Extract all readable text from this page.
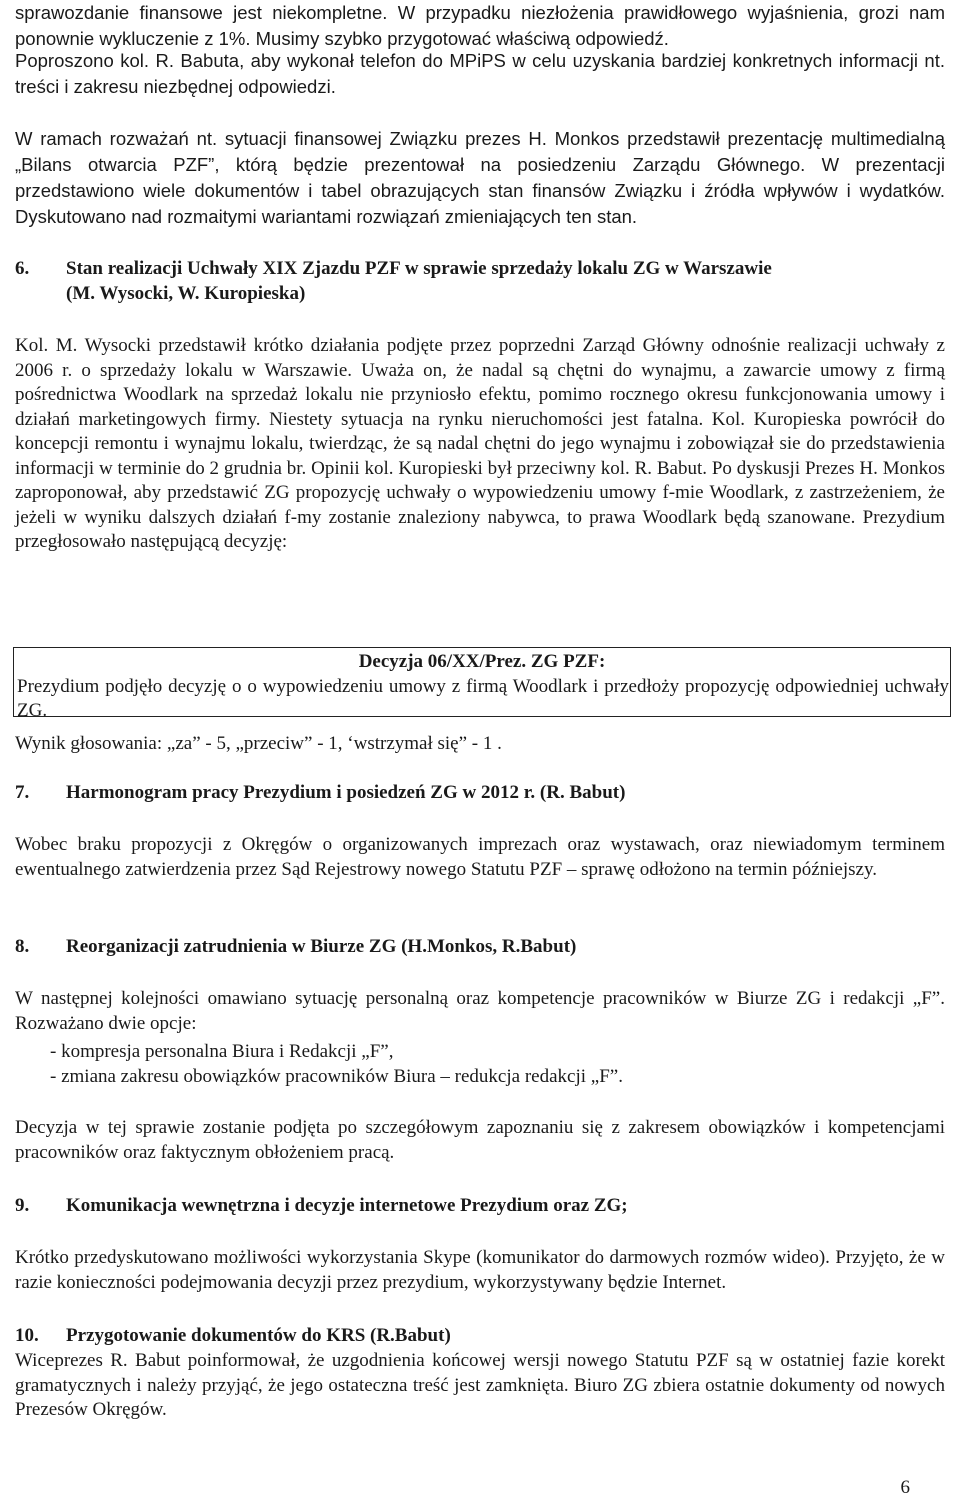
sprawozdanie finansowe jest niekompletne. W przypadku niezłożenia prawidłowego wyjaśnienia, grozi nam ponownie wykluczenie z 1%. Musimy szybko przygotować właściwą odpowiedź.

Poproszono kol. R. Babuta, aby wykonał telefon do MPiPS w celu uzyskania bardziej konkretnych informacji nt. treści i zakresu niezbędnej odpowiedzi.

W ramach rozważań nt. sytuacji finansowej Związku prezes H. Monkos przedstawił prezentację multimedialną „Bilans otwarcia PZF”, którą będzie prezentował na posiedzeniu Zarządu Głównego. W prezentacji przedstawiono wiele dokumentów i tabel obrazujących stan finansów Związku i źródła wpływów i wydatków. Dyskutowano nad rozmaitymi wariantami rozwiązań zmieniających ten stan.

6. Stan realizacji Uchwały XIX Zjazdu PZF w sprawie sprzedaży lokalu ZG w Warszawie
(M. Wysocki, W. Kuropieska)

Kol. M. Wysocki przedstawił krótko działania podjęte przez poprzedni Zarząd Główny odnośnie realizacji uchwały z 2006 r. o sprzedaży lokalu w Warszawie. Uważa on, że nadal są chętni do wynajmu, a zawarcie umowy z firmą pośrednictwa Woodlark na sprzedaż lokalu nie przyniosło efektu, pomimo rocznego okresu funkcjonowania umowy i działań marketingowych firmy. Niestety sytuacja na rynku nieruchomości jest fatalna. Kol. Kuropieska powrócił do koncepcji remontu i wynajmu lokalu, twierdząc, że są nadal chętni do jego wynajmu i zobowiązał sie do przedstawienia informacji w terminie do 2 grudnia br. Opinii kol. Kuropieski był przeciwny kol. R. Babut. Po dyskusji Prezes H. Monkos zaproponował, aby przedstawić ZG propozycję uchwały o wypowiedzeniu umowy f-mie Woodlark, z zastrzeżeniem, że jeżeli w wyniku dalszych działań f-my zostanie znaleziony nabywca, to prawa Woodlark będą szanowane. Prezydium przegłosowało następującą decyzję:

Decyzja 06/XX/Prez. ZG PZF:
Prezydium podjęło decyzję o o wypowiedzeniu umowy z firmą Woodlark i przedłoży propozycję odpowiedniej uchwały ZG.

Wynik głosowania: „za” - 5, „przeciw” - 1, ‘wstrzymał się” - 1 .

7. Harmonogram pracy Prezydium i posiedzeń ZG w 2012 r. (R. Babut)

Wobec braku propozycji z Okręgów o organizowanych imprezach oraz wystawach, oraz niewiadomym terminem ewentualnego zatwierdzenia przez Sąd Rejestrowy nowego Statutu PZF – sprawę odłożono na termin późniejszy.

8. Reorganizacji zatrudnienia w Biurze ZG (H.Monkos, R.Babut)

W następnej kolejności omawiano sytuację personalną oraz kompetencje pracowników w Biurze ZG i redakcji „F”. Rozważano dwie opcje:

- kompresja personalna Biura i Redakcji „F”,
- zmiana zakresu obowiązków pracowników Biura – redukcja redakcji „F”.

Decyzja w tej sprawie zostanie podjęta po szczegółowym zapoznaniu się z zakresem obowiązków i kompetencjami pracowników oraz faktycznym obłożeniem pracą.

9. Komunikacja wewnętrzna i decyzje internetowe Prezydium oraz ZG;

Krótko przedyskutowano możliwości wykorzystania Skype (komunikator do darmowych rozmów wideo). Przyjęto, że w razie konieczności podejmowania decyzji przez prezydium, wykorzystywany będzie Internet.

10. Przygotowanie dokumentów do KRS (R.Babut)

Wiceprezes R. Babut poinformował, że uzgodnienia końcowej wersji nowego Statutu PZF są w ostatniej fazie korekt gramatycznych i należy przyjąć, że jego ostateczna treść jest zamknięta. Biuro ZG zbiera ostatnie dokumenty od nowych Prezesów Okręgów.

6
